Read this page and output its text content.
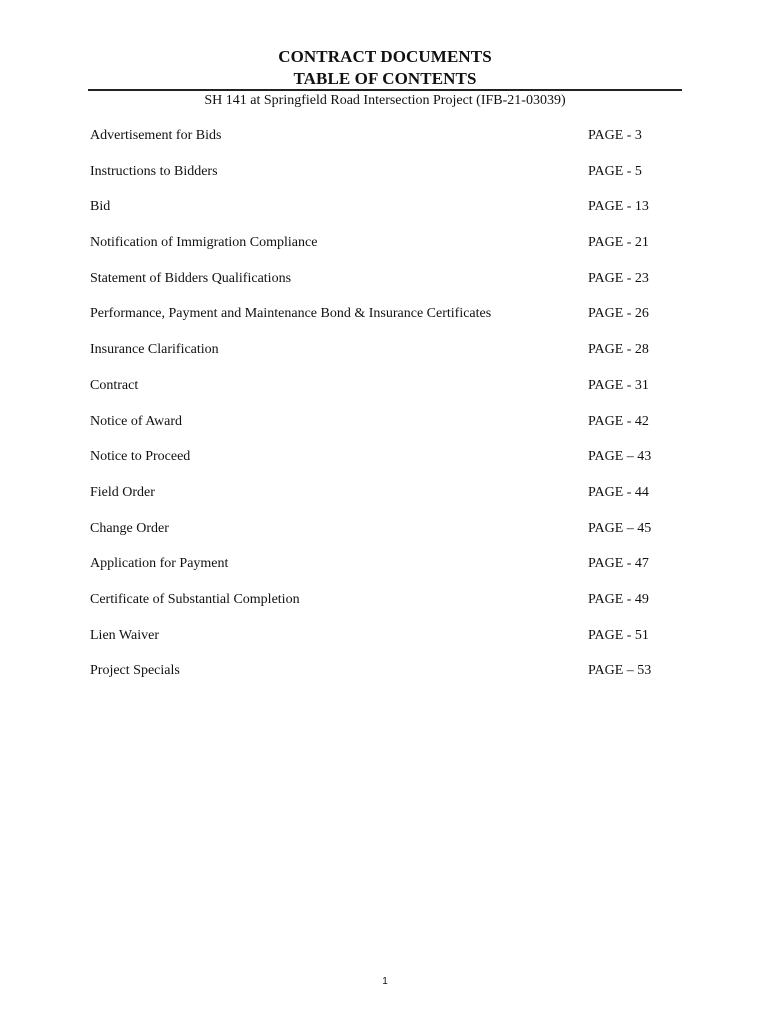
CONTRACT DOCUMENTS
TABLE OF CONTENTS
SH 141 at Springfield Road Intersection Project (IFB-21-03039)
Advertisement for Bids	PAGE - 3
Instructions to Bidders	PAGE - 5
Bid	PAGE - 13
Notification of Immigration Compliance	PAGE - 21
Statement of Bidders Qualifications	PAGE - 23
Performance, Payment and Maintenance Bond & Insurance Certificates	PAGE - 26
Insurance Clarification	PAGE - 28
Contract	PAGE - 31
Notice of Award	PAGE - 42
Notice to Proceed	PAGE – 43
Field Order	PAGE - 44
Change Order	PAGE – 45
Application for Payment	PAGE - 47
Certificate of Substantial Completion	PAGE - 49
Lien Waiver	PAGE - 51
Project Specials	PAGE – 53
1
